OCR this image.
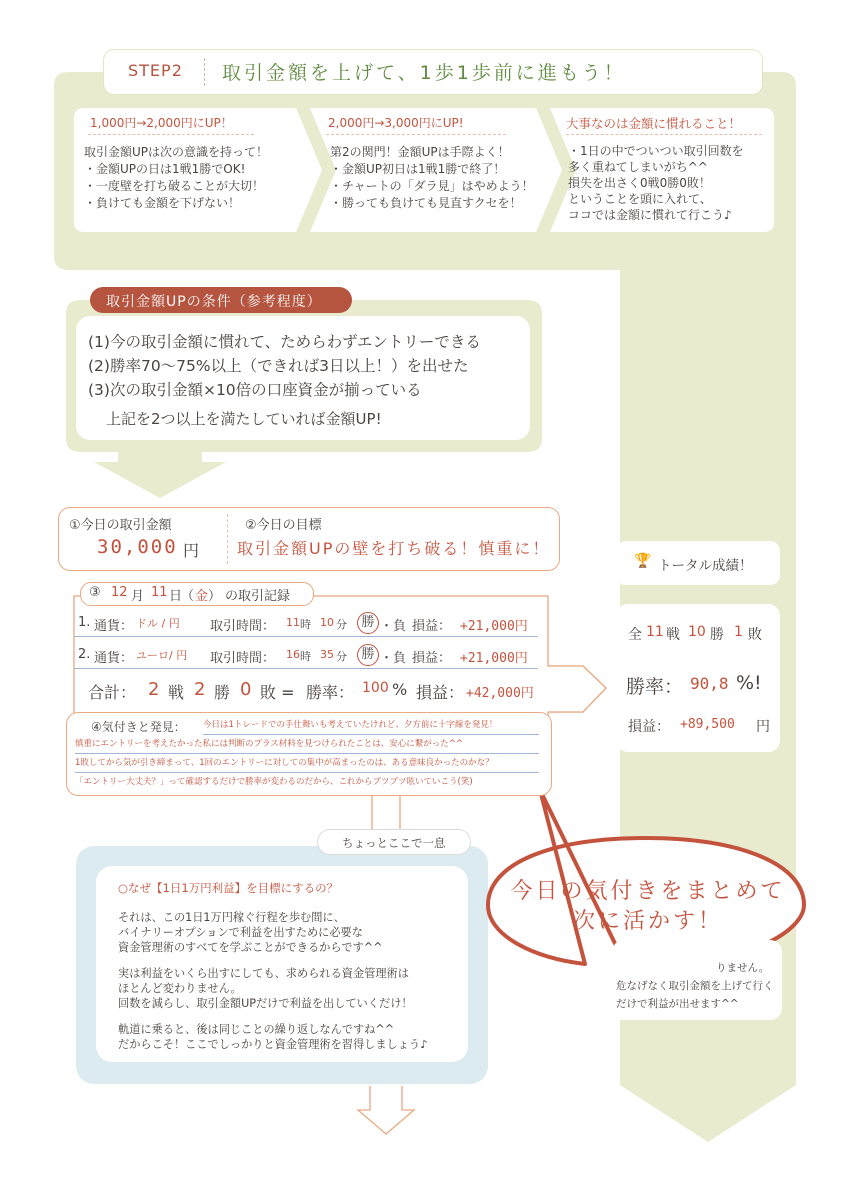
STEP2 取引金額を上げて、1歩1歩前に進もう！
1,000円→2,000円にUP！
取引金額UPは次の意識を持って！
・金額UPの日は1戦1勝でOK!
・一度壁を打ち破ることが大切！
・負けても金額を下げない！
2,000円→3,000円にUP!
第2の関門！金額UPは手際よく！
・金額UP初日は1戦1勝で終了！
・チャートの「ダラ見」はやめよう！
・勝っても負けても見直すクセを！
大事なのは金額に慣れること！
・1日の中でついつい取引回数を
多く重ねてしまいがち^^
損失を出さく0戦0勝0敗！
ということを頭に入れて、
ココでは金額に慣れて行こう♪
取引金額UPの条件（参考程度）
(1)今の取引金額に慣れて、ためらわずエントリーできる
(2)勝率70〜75%以上（できれば3日以上！）を出せた
(3)次の取引金額×10倍の口座資金が揃っている
上記を2つ以上を満たしていれば金額UP!
①今日の取引金額
30,000 円
②今日の目標
取引金額UPの壁を打ち破る！慎重に！
③ 12 月 11 日
（ 金 ） の取引記録
1. 通貨： ドル / 円 取引時間： 11 時 10 分	勝 ・負 損益： +21,000円
2. 通貨： ユーロ/ 円 取引時間： 16 時 35 分	勝 ・負 損益： +21,000円
合計： 2 戦 2 勝 0 敗 = 勝率： 100 % 損益： +42,000円
④気付きと発見： 今日は1トレードでの手仕舞いも考えていたけれど、夕方前に十字線を発見！
慎重にエントリーを考えたかった私には判断のプラス材料を見つけられたことは、安心に繋がった^^
1敗してから気が引き締まって、1回のエントリーに対しての集中が高まったのは、ある意味良かったのかな？
「エントリー大丈夫？」って確認するだけで勝率が変わるのだから、これからブツブツ呟いていこう(笑)
🏆 トータル成績！
全 11 戦 10 勝 1 敗
勝率： 90,8 %!
損益： +89,500 円
りません。
危なげなく取引金額を上げて行く
だけで利益が出せます^^
ちょっとここで一息
○なぜ【1日1万円利益】を目標にするの？
それは、この1日1万円稼ぐ行程を歩む間に、
バイナリーオプションで利益を出すために必要な
資金管理術のすべてを学ぶことができるからです^^
実は利益をいくら出すにしても、求められる資金管理術は
ほとんど変わりません。
回数を減らし、取引金額UPだけで利益を出していくだけ！
軌道に乗ると、後は同じことの繰り返しなんですね^^
だからこそ！ここでしっかりと資金管理術を習得しましょう♪
今日の気付きをまとめて
次に活かす！
